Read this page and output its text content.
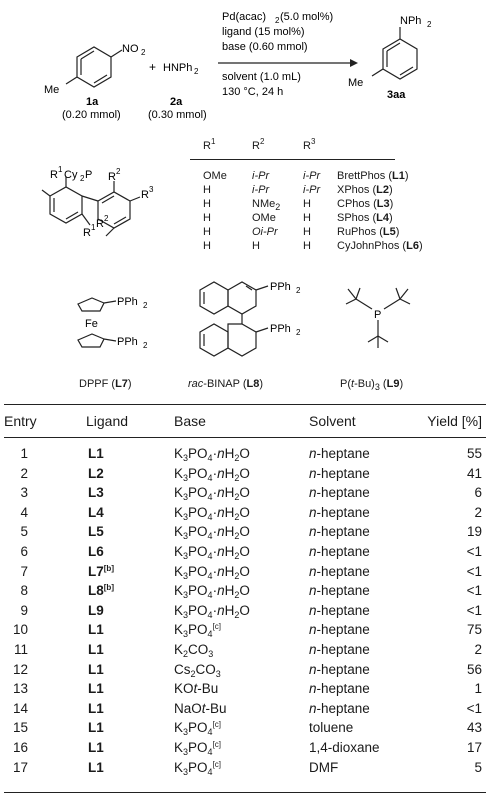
NO 2
Me
1a
(0.20 mmol)
+ HNPh 2
2a
(0.30 mmol)
Pd(acac) 2 (5.0 mol%)
ligand (15 mol%)
base (0.60 mmol)
solvent (1.0 mL)
130 °C, 24 h
NPh 2
Me
3aa
R 1 Cy 2 P R 2
R 3
R 1 R 2
PPh 2
Fe
PPh 2
PPh 2
PPh 2
P
$R^1$	$R^2$	$R^3$
OMe i-Pr	i-Pr BrettPhos (L1)
H	i-Pr	i-Pr XPhos (L2)
H	NMe$_2$ H CPhos (L3)
H	OMe H SPhos (L4)
H	Oi-Pr H RuPhos (L5)
H	H	H CyJohnPhos (L6)
DPPF (L7)	rac-BINAP (L8)	$P(t-Bu)_3$ (L9)
Entry	Ligand	Base	Solvent	Yield [%]
1	L1	$K_3PO_4\cdot nH_2O$	n-heptane	55
2	L2	$K_3PO_4\cdot nH_2O$	n-heptane	41
3	L3	$K_3PO_4\cdot nH_2O$	n-heptane	6
4	L4	$K_3PO_4\cdot nH_2O$	n-heptane	2
5	L5	$K_3PO_4\cdot nH_2O$	n-heptane	19
6	L6	$K_3PO_4\cdot nH_2O$	n-heptane	<1
7	L7[b]	$K_3PO_4\cdot nH_2O$	n-heptane	<1
8	L8[b]	$K_3PO_4\cdot nH_2O$	n-heptane	<1
9	L9	$K_3PO_4\cdot nH_2O$	n-heptane	<1
10	L1	$K_3PO_4[c]$	n-heptane	75
11	L1	$K_2CO_3$	n-heptane	2
12	L1	$Cs_2CO_3$	n-heptane	56
13	L1	KOt-Bu	n-heptane	1
14	L1	NaOt-Bu	n-heptane	<1
15	L1	$K_3PO_4[c]$	toluene	43
16	L1	$K_3PO_4[c]$	1,4-dioxane	17
17	L1	$K_3PO_4[c]$	DMF	5
